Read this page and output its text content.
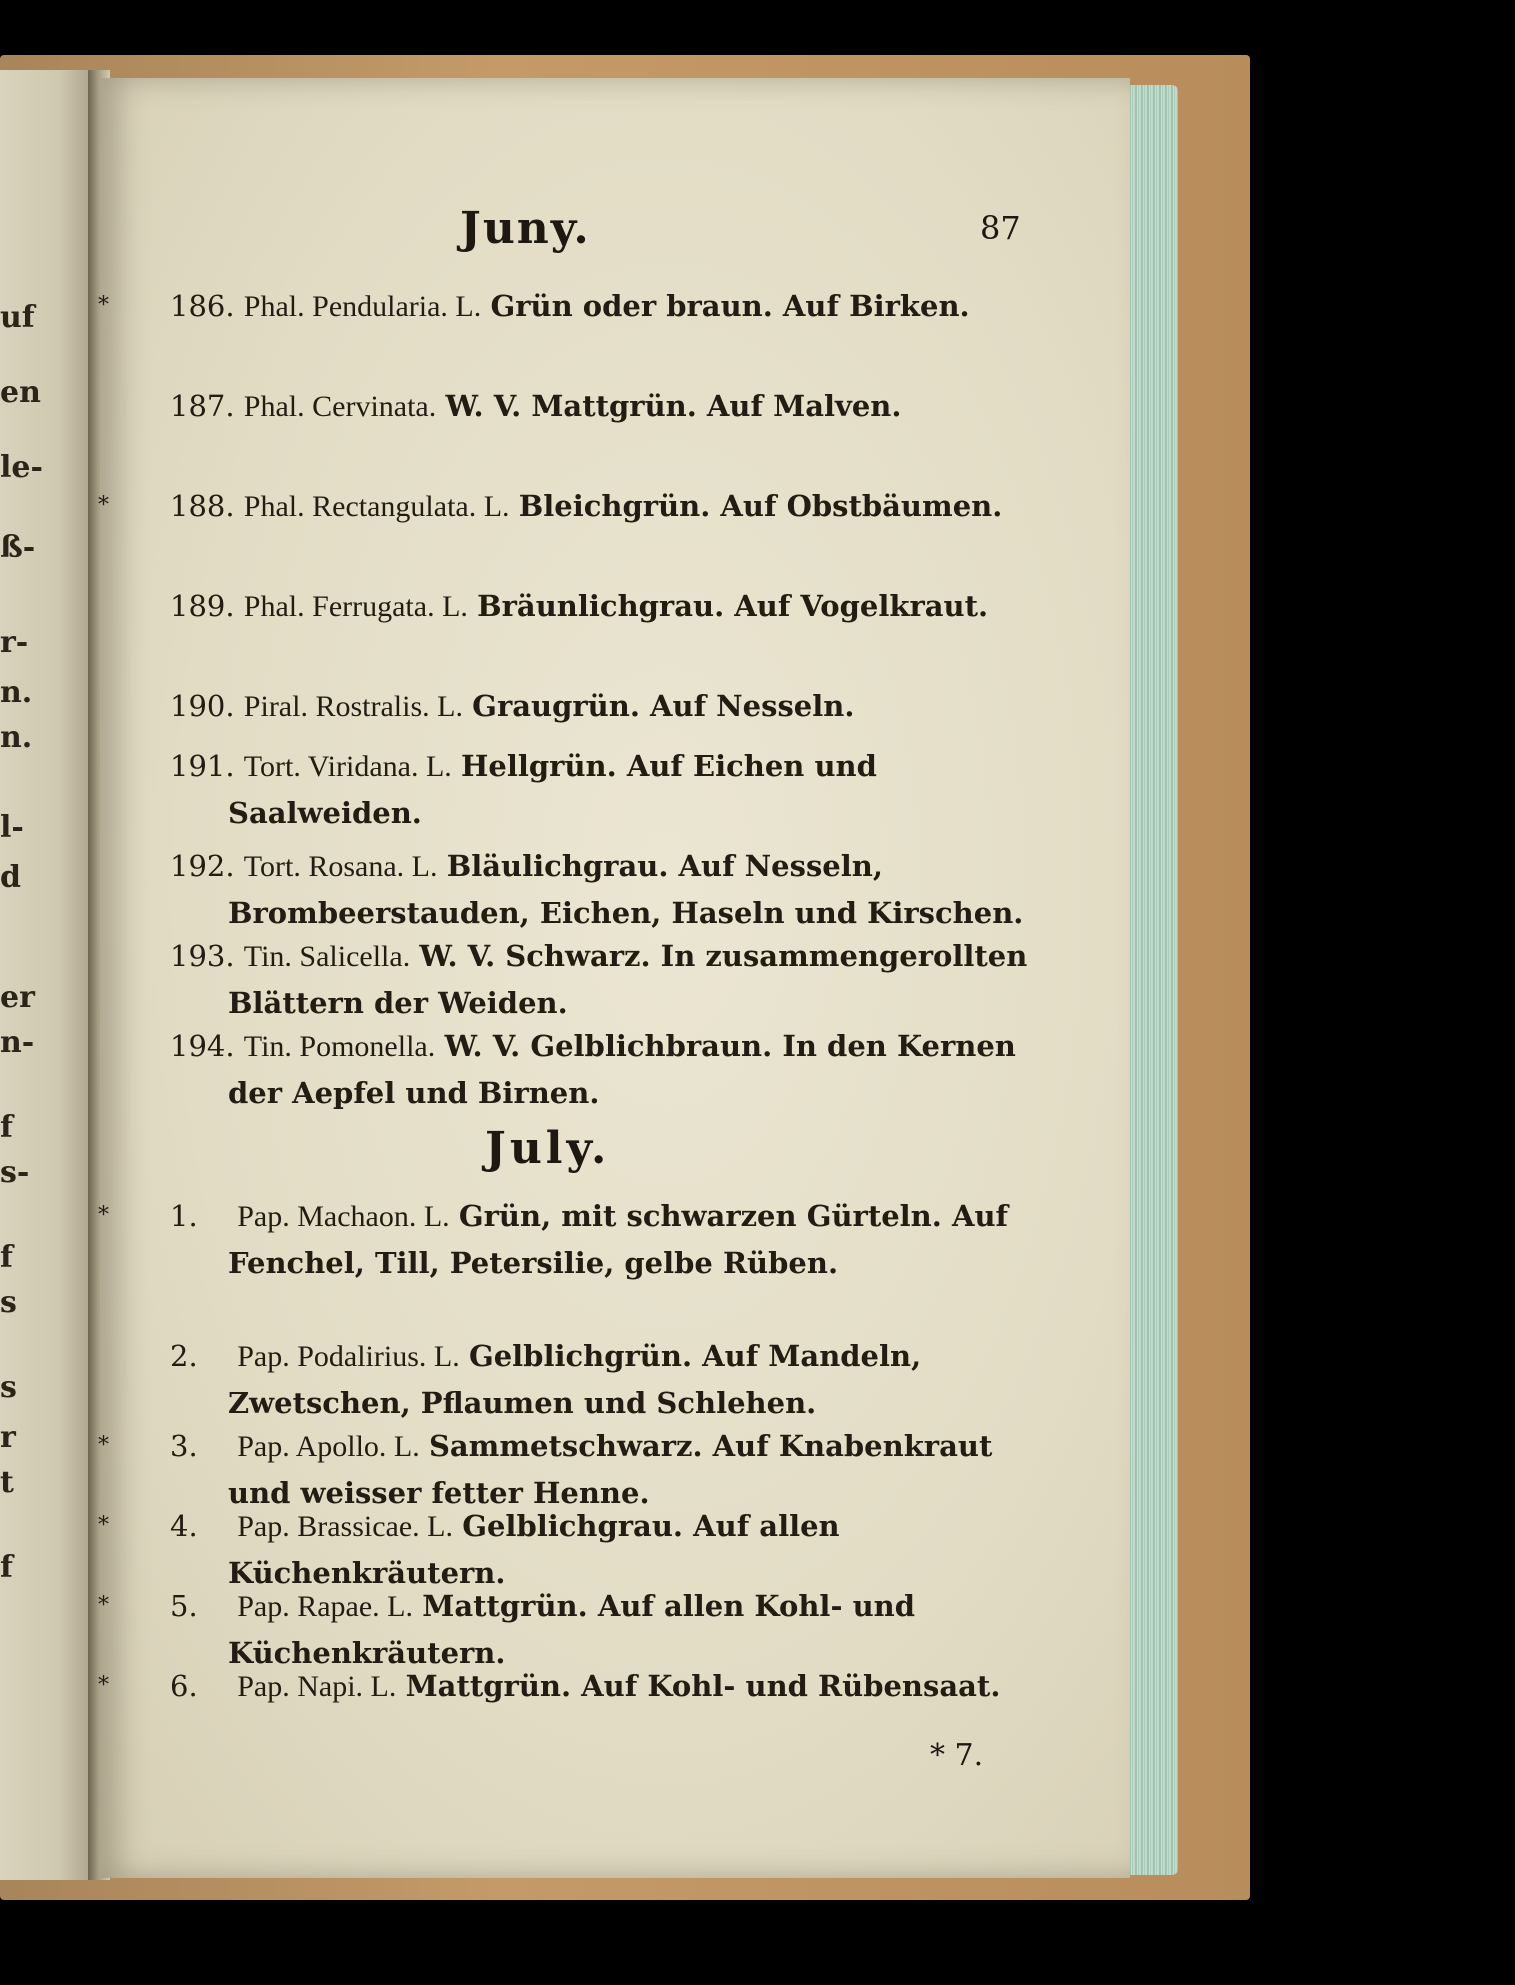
uf
en
le-
ß-
r-
n.
n.
l-
d
er
n-
f
s-
f
s
s
r
t
f
Juny.	87
* 186. Phal. Pendularia. L. Grün oder braun. Auf Birken.
187. Phal. Cervinata. W. V. Mattgrün. Auf Malven.
* 188. Phal. Rectangulata. L. Bleichgrün. Auf Obstbäumen.
189. Phal. Ferrugata. L. Bräunlichgrau. Auf Vogelkraut.
190. Piral. Rostralis. L. Graugrün. Auf Nesseln.
191. Tort. Viridana. L. Hellgrün. Auf Eichen und Saalweiden.
192. Tort. Rosana. L. Bläulichgrau. Auf Nesseln, Brombeerstauden, Eichen, Haseln und Kirschen.
193. Tin. Salicella. W. V. Schwarz. In zusammengerollten Blättern der Weiden.
194. Tin. Pomonella. W. V. Gelblichbraun. In den Kernen der Aepfel und Birnen.
* 1. Pap. Machaon. L. Grün, mit schwarzen Gürteln. Auf Fenchel, Till, Petersilie, gelbe Rüben.
2. Pap. Podalirius. L. Gelblichgrün. Auf Mandeln, Zwetschen, Pflaumen und Schlehen.
* 3. Pap. Apollo. L. Sammetschwarz. Auf Knabenkraut und weisser fetter Henne.
* 4. Pap. Brassicae. L. Gelblichgrau. Auf allen Küchenkräutern.
* 5. Pap. Rapae. L. Mattgrün. Auf allen Kohl- und Küchenkräutern.
* 6. Pap. Napi. L. Mattgrün. Auf Kohl- und Rübensaat.
July.
* 7.
